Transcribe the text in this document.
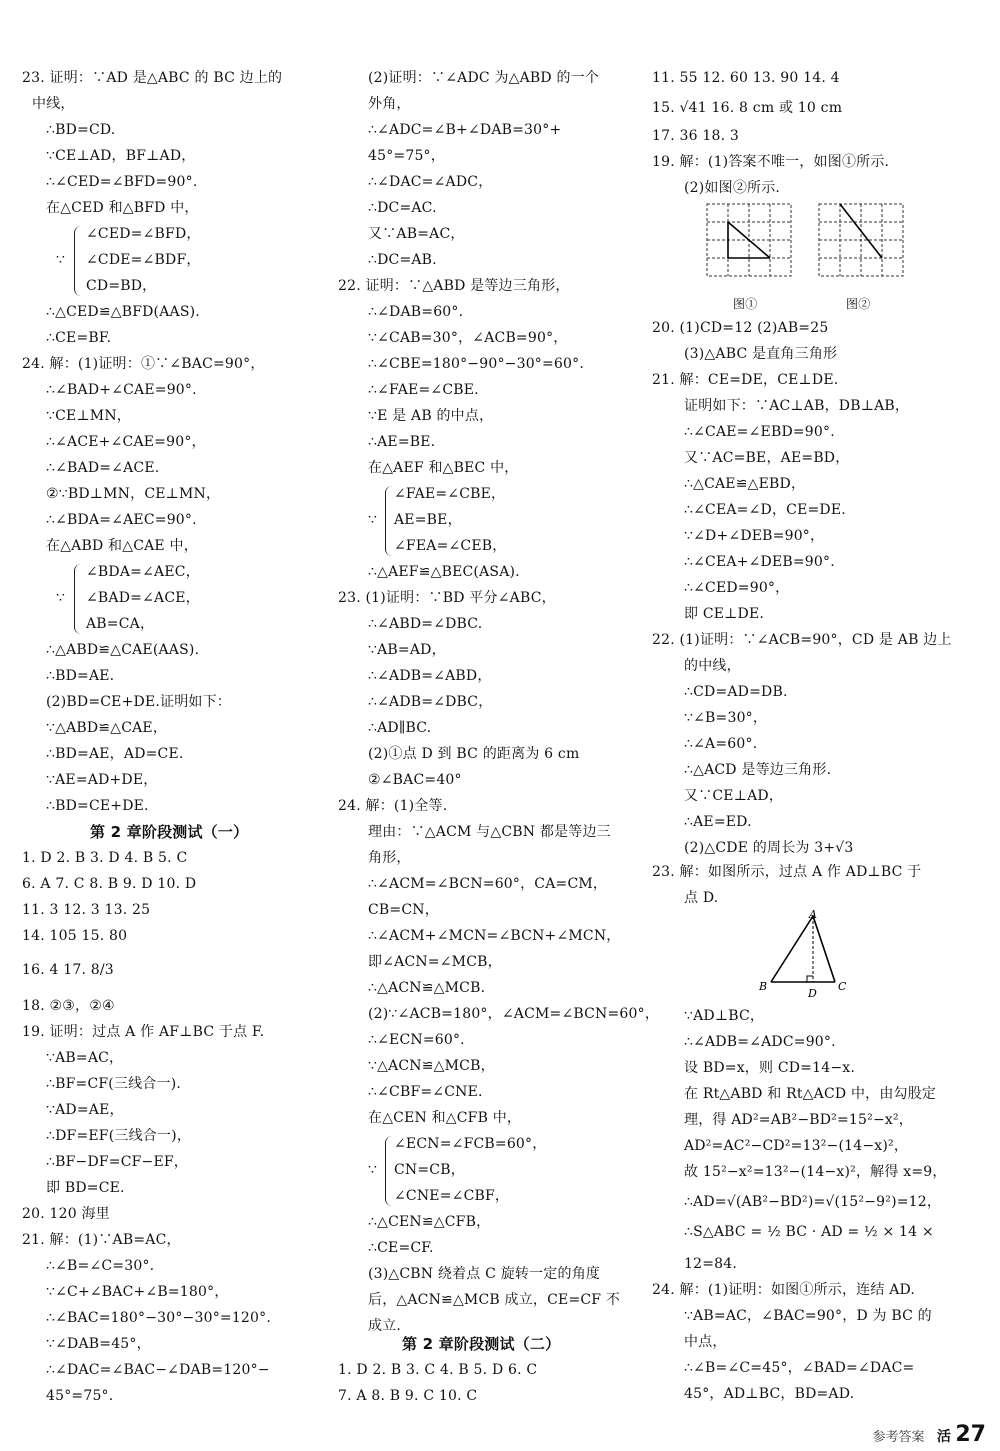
23. 证明：∵AD 是△ABC 的 BC 边上的
中线，
∴BD=CD.
∵CE⊥AD，BF⊥AD，
∴∠CED=∠BFD=90°.
在△CED 和△BFD 中，
∠CED=∠BFD，
∵ ∠CDE=∠BDF，
CD=BD，
∴△CED≌△BFD(AAS).
∴CE=BF.
24. 解：(1)证明：①∵∠BAC=90°，
∴∠BAD+∠CAE=90°.
∵CE⊥MN，
∴∠ACE+∠CAE=90°，
∴∠BAD=∠ACE.
②∵BD⊥MN，CE⊥MN，
∴∠BDA=∠AEC=90°.
在△ABD 和△CAE 中，
∠BDA=∠AEC，
∵ ∠BAD=∠ACE，
AB=CA，
∴△ABD≌△CAE(AAS).
∴BD=AE.
(2)BD=CE+DE.证明如下：
∵△ABD≌△CAE，
∴BD=AE，AD=CE.
∵AE=AD+DE，
∴BD=CE+DE.
第 2 章阶段测试（一）
1. D 2. B 3. D 4. B 5. C
6. A 7. C 8. B 9. D 10. D
11. 3 12. 3 13. 25
14. 105 15. 80
16. 4 17. 8/3
18. ②③，②④
19. 证明：过点 A 作 AF⊥BC 于点 F.
∵AB=AC，
∴BF=CF(三线合一).
∵AD=AE，
∴DF=EF(三线合一)，
∴BF−DF=CF−EF，
即 BD=CE.
20. 120 海里
21. 解：(1)∵AB=AC，
∴∠B=∠C=30°.
∵∠C+∠BAC+∠B=180°，
∴∠BAC=180°−30°−30°=120°.
∵∠DAB=45°，
∴∠DAC=∠BAC−∠DAB=120°−
45°=75°.
(2)证明：∵∠ADC 为△ABD 的一个
外角，
∴∠ADC=∠B+∠DAB=30°+
45°=75°，
∴∠DAC=∠ADC，
∴DC=AC.
又∵AB=AC，
∴DC=AB.
22. 证明：∵△ABD 是等边三角形，
∴∠DAB=60°.
∵∠CAB=30°，∠ACB=90°，
∴∠CBE=180°−90°−30°=60°.
∴∠FAE=∠CBE.
∵E 是 AB 的中点，
∴AE=BE.
在△AEF 和△BEC 中，
∠FAE=∠CBE，
∵ AE=BE，
∠FEA=∠CEB，
∴△AEF≌△BEC(ASA).
23. (1)证明：∵BD 平分∠ABC，
∴∠ABD=∠DBC.
∵AB=AD，
∴∠ADB=∠ABD，
∴∠ADB=∠DBC，
∴AD∥BC.
(2)①点 D 到 BC 的距离为 6 cm
②∠BAC=40°
24. 解：(1)全等.
理由：∵△ACM 与△CBN 都是等边三
角形，
∴∠ACM=∠BCN=60°，CA=CM，
CB=CN，
∴∠ACM+∠MCN=∠BCN+∠MCN，
即∠ACN=∠MCB，
∴△ACN≌△MCB.
(2)∵∠ACB=180°，∠ACM=∠BCN=60°，
∴∠ECN=60°.
∵△ACN≌△MCB，
∴∠CBF=∠CNE.
在△CEN 和△CFB 中，
∠ECN=∠FCB=60°，
∵ CN=CB，
∠CNE=∠CBF，
∴△CEN≌△CFB，
∴CE=CF.
(3)△CBN 绕着点 C 旋转一定的角度
后，△ACN≌△MCB 成立，CE=CF 不
成立.
第 2 章阶段测试（二）
1. D 2. B 3. C 4. B 5. D 6. C
7. A 8. B 9. C 10. C
11. 55 12. 60 13. 90 14. 4
15. √41 16. 8 cm 或 10 cm
17. 36 18. 3
19. 解：(1)答案不唯一，如图①所示.
(2)如图②所示.
20. (1)CD=12 (2)AB=25
(3)△ABC 是直角三角形
21. 解：CE=DE，CE⊥DE.
证明如下：∵AC⊥AB，DB⊥AB，
∴∠CAE=∠EBD=90°.
又∵AC=BE，AE=BD，
∴△CAE≌△EBD，
∴∠CEA=∠D，CE=DE.
∵∠D+∠DEB=90°，
∴∠CEA+∠DEB=90°.
∴∠CED=90°，
即 CE⊥DE.
22. (1)证明：∵∠ACB=90°，CD 是 AB 边上
的中线，
∴CD=AD=DB.
∵∠B=30°，
∴∠A=60°.
∴△ACD 是等边三角形.
又∵CE⊥AD，
∴AE=ED.
(2)△CDE 的周长为 3+√3
23. 解：如图所示，过点 A 作 AD⊥BC 于
点 D.
∵AD⊥BC，
∴∠ADB=∠ADC=90°.
设 BD=x，则 CD=14−x.
在 Rt△ABD 和 Rt△ACD 中，由勾股定
理，得 AD²=AB²−BD²=15²−x²，
AD²=AC²−CD²=13²−(14−x)²，
故 15²−x²=13²−(14−x)²，解得 x=9，
∴AD=√(AB²−BD²)=√(15²−9²)=12，
∴S△ABC = ½ BC · AD = ½ × 14 ×
12=84.
24. 解：(1)证明：如图①所示，连结 AD.
∵AB=AC，∠BAC=90°，D 为 BC 的
中点，
∴∠B=∠C=45°，∠BAD=∠DAC=
45°，AD⊥BC，BD=AD.
图①	图②
A
B
D
C
参考答案 活 27
